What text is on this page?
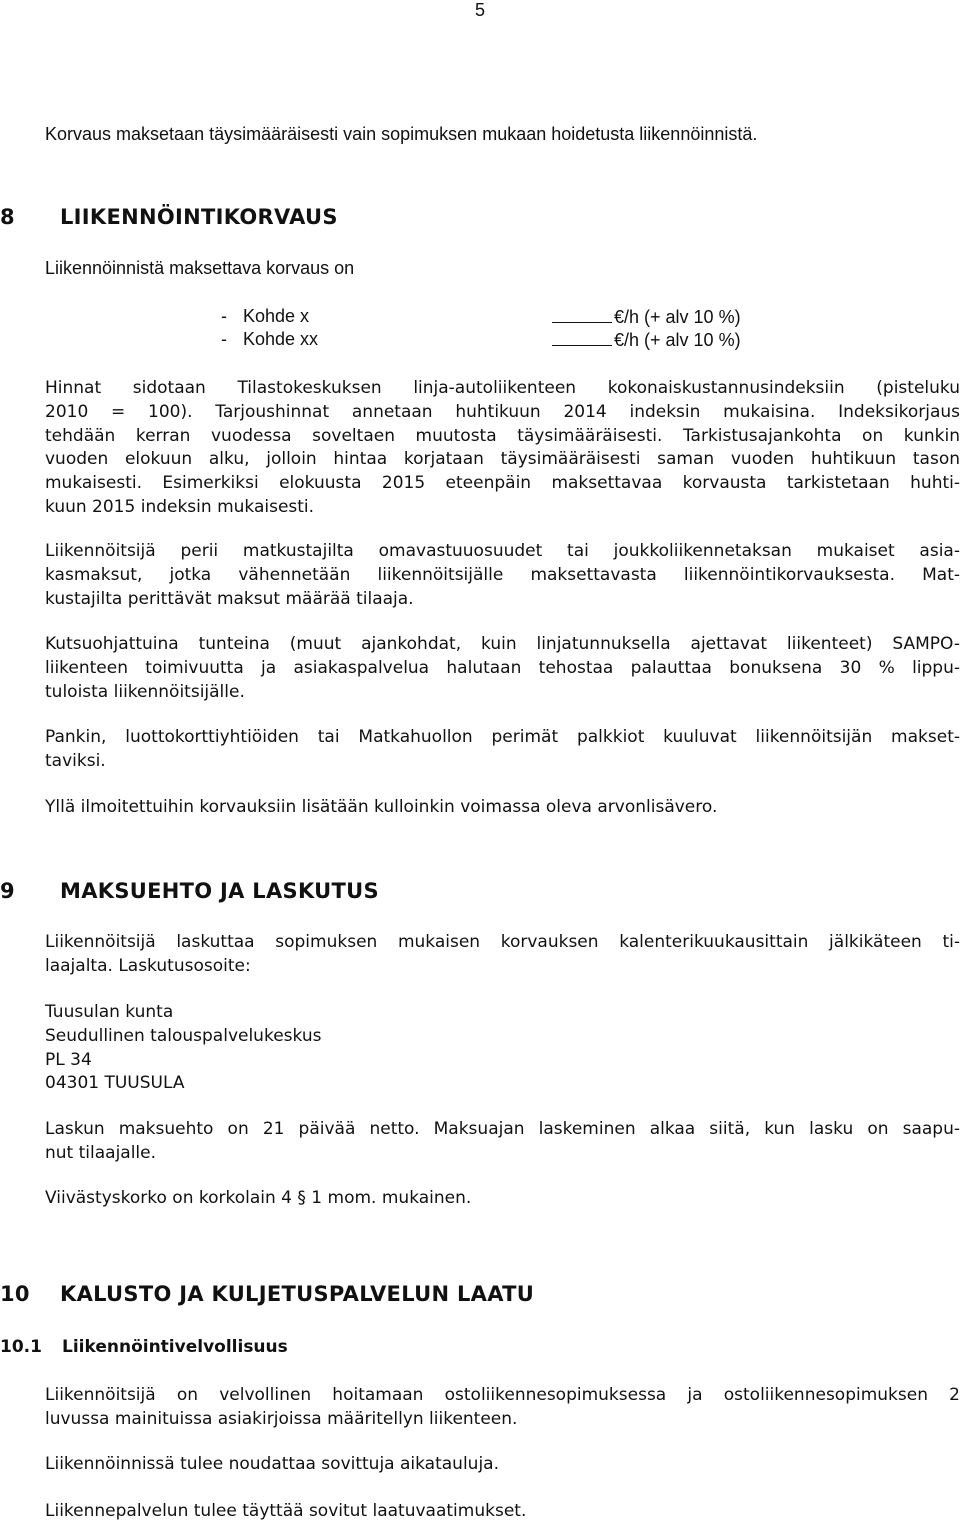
5
Korvaus maksetaan täysimääräisesti vain sopimuksen mukaan hoidetusta liikennöinnistä.
8 LIIKENNÖINTIKORVAUS
Liikennöinnistä maksettava korvaus on
- Kohde x	€/h (+ alv 10 %)
- Kohde xx	€/h (+ alv 10 %)
Hinnat sidotaan Tilastokeskuksen linja-autoliikenteen kokonaiskustannusindeksiin (pisteluku
2010 = 100). Tarjoushinnat annetaan huhtikuun 2014 indeksin mukaisina. Indeksikorjaus
tehdään kerran vuodessa soveltaen muutosta täysimääräisesti. Tarkistusajankohta on kunkin
vuoden elokuun alku, jolloin hintaa korjataan täysimääräisesti saman vuoden huhtikuun tason
mukaisesti. Esimerkiksi elokuusta 2015 eteenpäin maksettavaa korvausta tarkistetaan huhti-
kuun 2015 indeksin mukaisesti.
Liikennöitsijä perii matkustajilta omavastuuosuudet tai joukkoliikennetaksan mukaiset asia-
kasmaksut, jotka vähennetään liikennöitsijälle maksettavasta liikennöintikorvauksesta. Mat-
kustajilta perittävät maksut määrää tilaaja.
Kutsuohjattuina tunteina (muut ajankohdat, kuin linjatunnuksella ajettavat liikenteet) SAMPO-
liikenteen toimivuutta ja asiakaspalvelua halutaan tehostaa palauttaa bonuksena 30 % lippu-
tuloista liikennöitsijälle.
Pankin, luottokorttiyhtiöiden tai Matkahuollon perimät palkkiot kuuluvat liikennöitsijän makset-
taviksi.
Yllä ilmoitettuihin korvauksiin lisätään kulloinkin voimassa oleva arvonlisävero.
9 MAKSUEHTO JA LASKUTUS
Liikennöitsijä laskuttaa sopimuksen mukaisen korvauksen kalenterikuukausittain jälkikäteen ti-
laajalta. Laskutusosoite:
Tuusulan kunta
Seudullinen talouspalvelukeskus
PL 34
04301 TUUSULA
Laskun maksuehto on 21 päivää netto. Maksuajan laskeminen alkaa siitä, kun lasku on saapu-
nut tilaajalle.
Viivästyskorko on korkolain 4 § 1 mom. mukainen.
10 KALUSTO JA KULJETUSPALVELUN LAATU
10.1 Liikennöintivelvollisuus
Liikennöitsijä on velvollinen hoitamaan ostoliikennesopimuksessa ja ostoliikennesopimuksen 2
luvussa mainituissa asiakirjoissa määritellyn liikenteen.
Liikennöinnissä tulee noudattaa sovittuja aikatauluja.
Liikennepalvelun tulee täyttää sovitut laatuvaatimukset.
